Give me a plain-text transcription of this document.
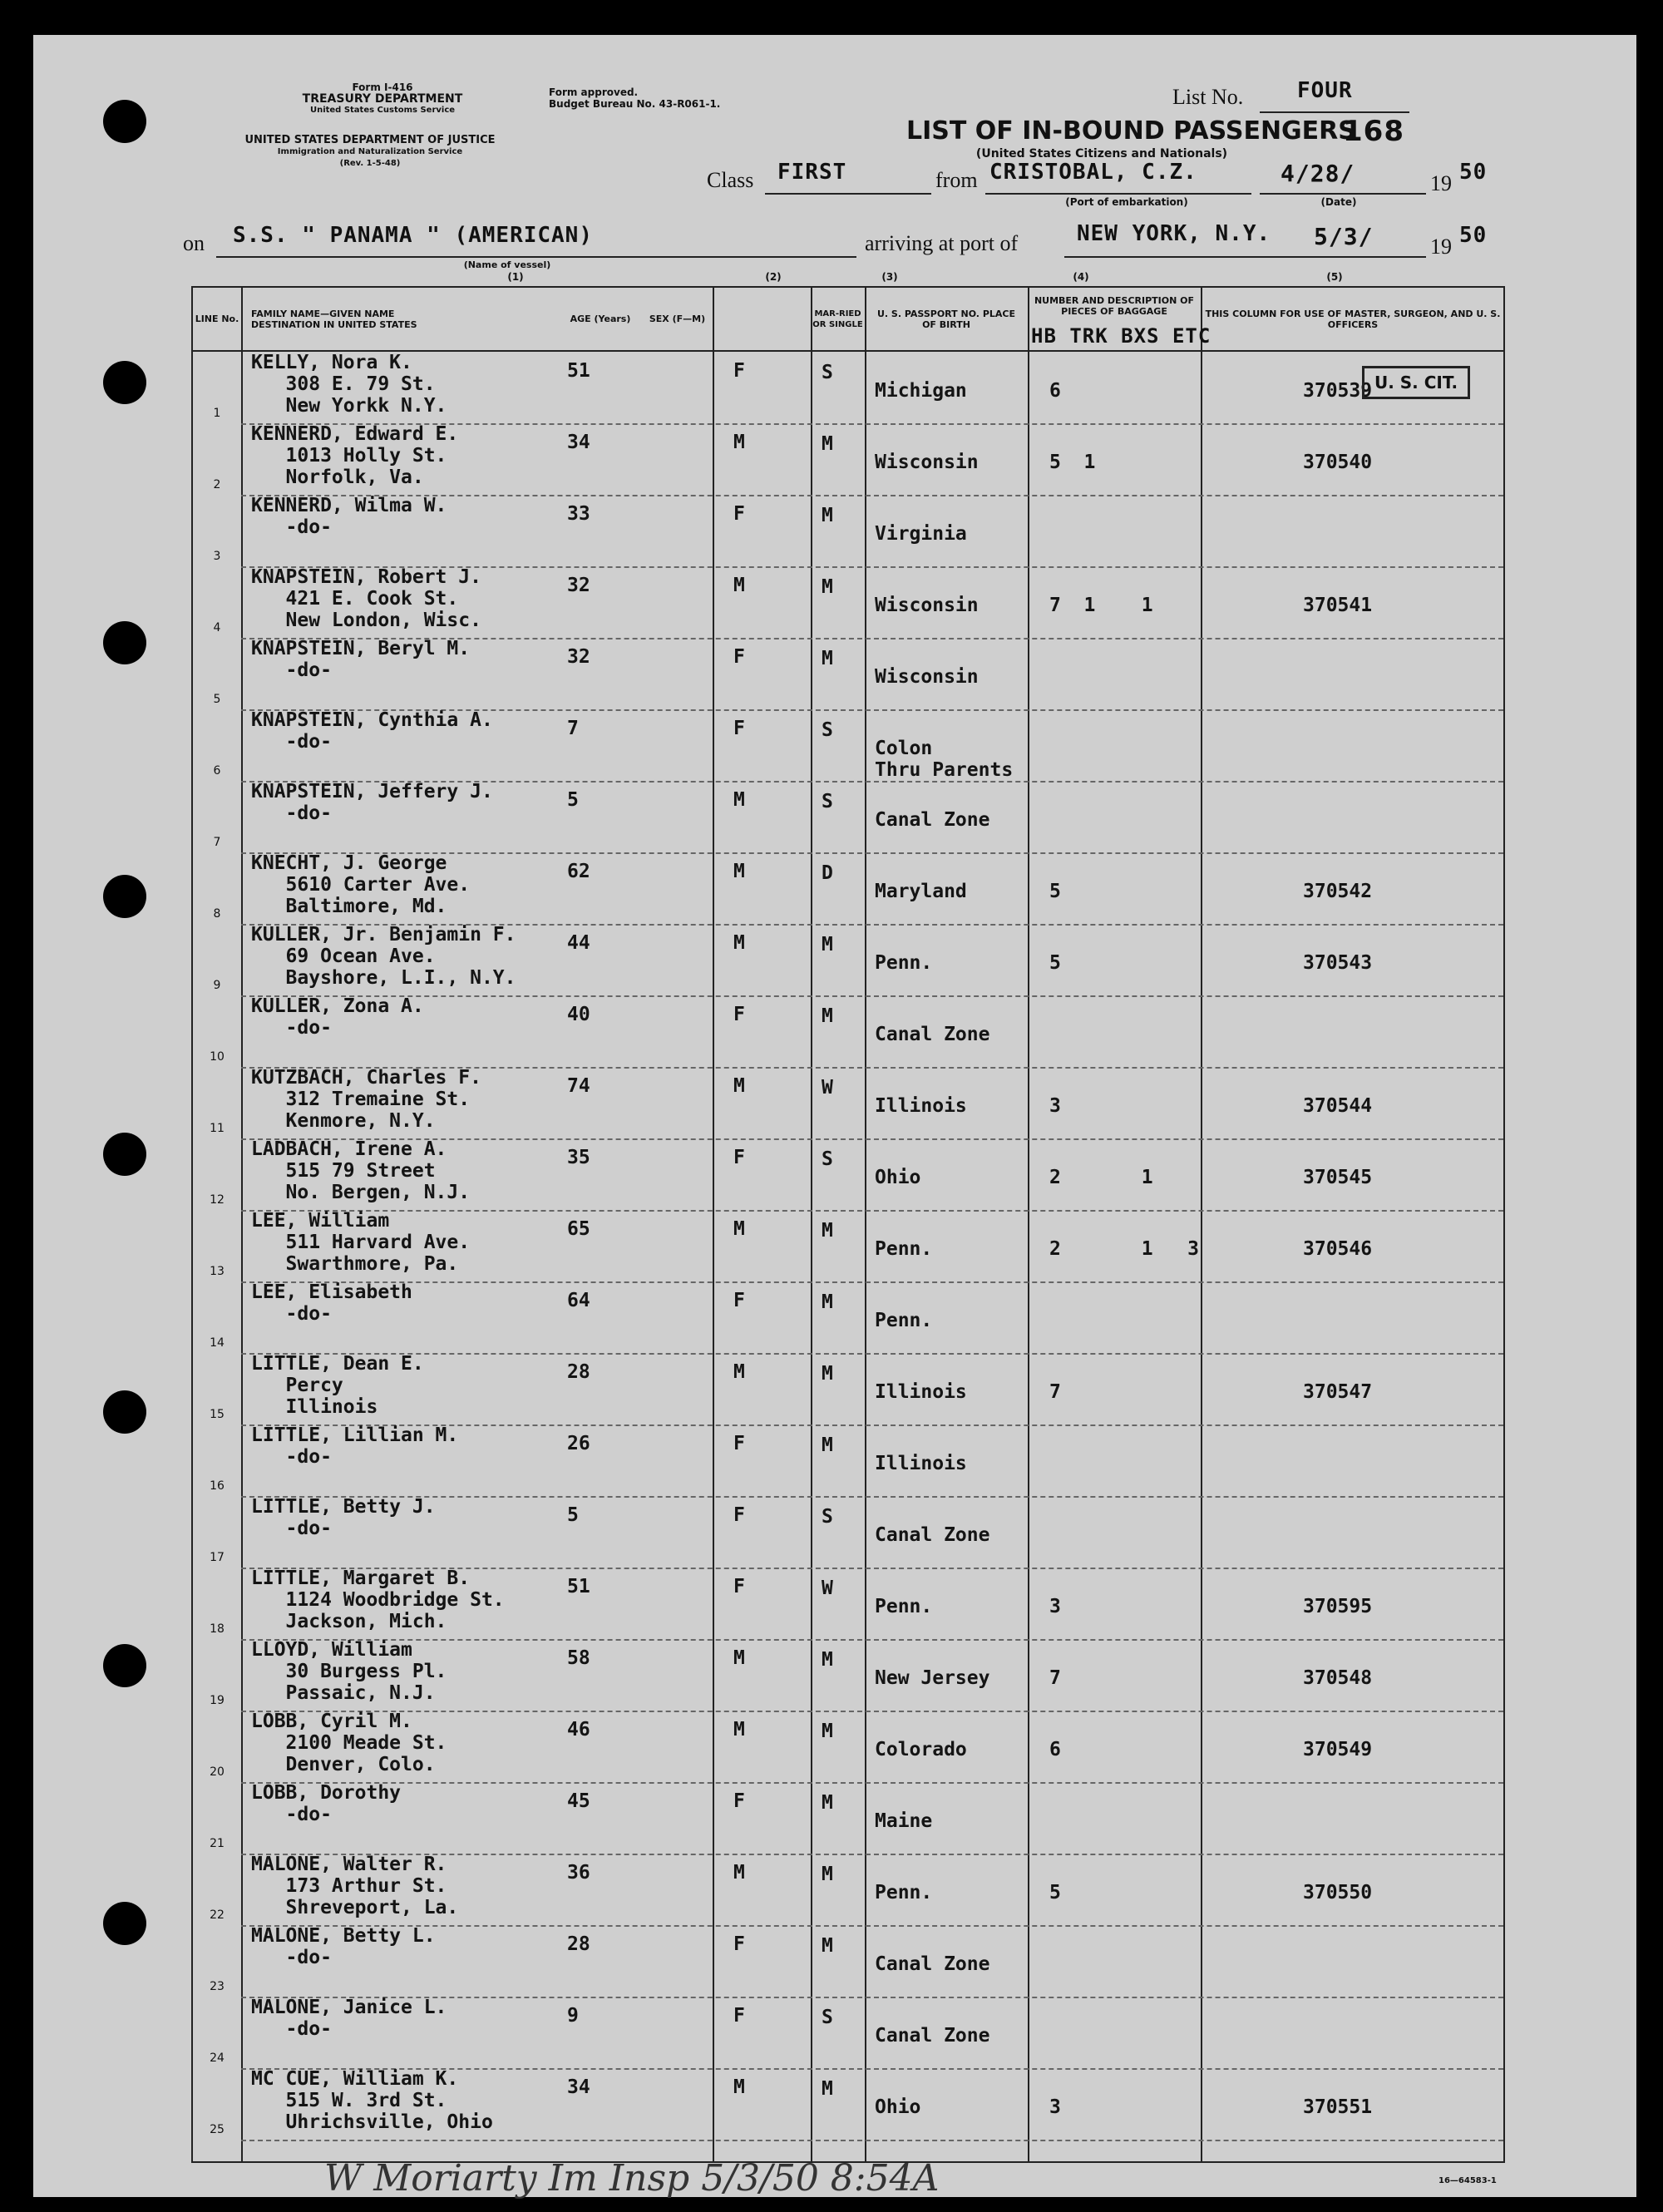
Form I-416
TREASURY DEPARTMENT
United States Customs Service
UNITED STATES DEPARTMENT OF JUSTICE
Immigration and Naturalization Service
(Rev. 1-5-48)
Form approved.
Budget Bureau No. 43-R061-1.	List No. FOUR
LIST OF IN-BOUND PASSENGERS
(United States Citizens and Nationals)
168
Class FIRST	from CRISTOBAL, C.Z.
(Port of embarkation)
4/28/
(Date)
19 50
on S.S. " PANAMA " (AMERICAN)
(Name of vessel)
arriving at port of	NEW YORK, N.Y. 5/3/	19 50
(1)	(2)	(3)	(4)	(5)
LINE No.	FAMILY NAME—GIVEN NAME DESTINATION IN UNITED STATES	AGE (Years)	SEX (F—M)	MAR-RIED OR SINGLE
U. S. PASSPORT NO. PLACE OF BIRTH
NUMBER AND DESCRIPTION OF PIECES OF BAGGAGE
HB TRK BXS ETC
THIS COLUMN FOR USE OF MASTER, SURGEON, AND U. S. OFFICERS
1
KELLY, Nora K.
308 E. 79 St.
New Yorkk N.Y.
51	F	S
Michigan	6	370539
2
KENNERD, Edward E.
1013 Holly St.
Norfolk, Va.
34	M	M
Wisconsin	5  1	370540
3
KENNERD, Wilma W.
-do-
33	F	M
Virginia
4
KNAPSTEIN, Robert J.
421 E. Cook St.
New London, Wisc.
32	M	M
Wisconsin	7  1    1	370541
5
KNAPSTEIN, Beryl M.
-do-
32	F	M
Wisconsin
6
KNAPSTEIN, Cynthia A.
-do-
7	F	S
Colon
Thru Parents
7
KNAPSTEIN, Jeffery J.
-do-
5	M	S
Canal Zone
8
KNECHT, J. George
5610 Carter Ave.
Baltimore, Md.
62	M	D
Maryland	5	370542
9
KULLER, Jr. Benjamin F.
69 Ocean Ave.
Bayshore, L.I., N.Y.
44	M	M
Penn.	5	370543
10
KULLER, Zona A.
-do-
40	F	M
Canal Zone
11
KUTZBACH, Charles F.
312 Tremaine St.
Kenmore, N.Y.
74	M	W
Illinois	3	370544
12
LADBACH, Irene A.
515 79 Street
No. Bergen, N.J.
35	F	S
Ohio	2       1	370545
13
LEE, William
511 Harvard Ave.
Swarthmore, Pa.
65	M	M
Penn.	2       1   3	370546
14
LEE, Elisabeth
-do-
64	F	M
Penn.
15
LITTLE, Dean E.
Percy
Illinois
28	M	M
Illinois	7	370547
16
LITTLE, Lillian M.
-do-
26	F	M
Illinois
17
LITTLE, Betty J.
-do-
5	F	S
Canal Zone
18
LITTLE, Margaret B.
1124 Woodbridge St.
Jackson, Mich.
51	F	W
Penn.	3	370595
19
LLOYD, William
30 Burgess Pl.
Passaic, N.J.
58	M	M
New Jersey	7	370548
20
LOBB, Cyril M.
2100 Meade St.
Denver, Colo.
46	M	M
Colorado	6	370549
21
LOBB, Dorothy
-do-
45	F	M
Maine
22
MALONE, Walter R.
173 Arthur St.
Shreveport, La.
36	M	M
Penn.	5	370550
23
MALONE, Betty L.
-do-
28	F	M
Canal Zone
24
MALONE, Janice L.
-do-
9	F	S
Canal Zone
25
MC CUE, William K.
515 W. 3rd St.
Uhrichsville, Ohio
34	M	M
Ohio	3	370551
U. S. CIT.
W Moriarty Im Insp 5/3/50 8:54A	16—64583-1
